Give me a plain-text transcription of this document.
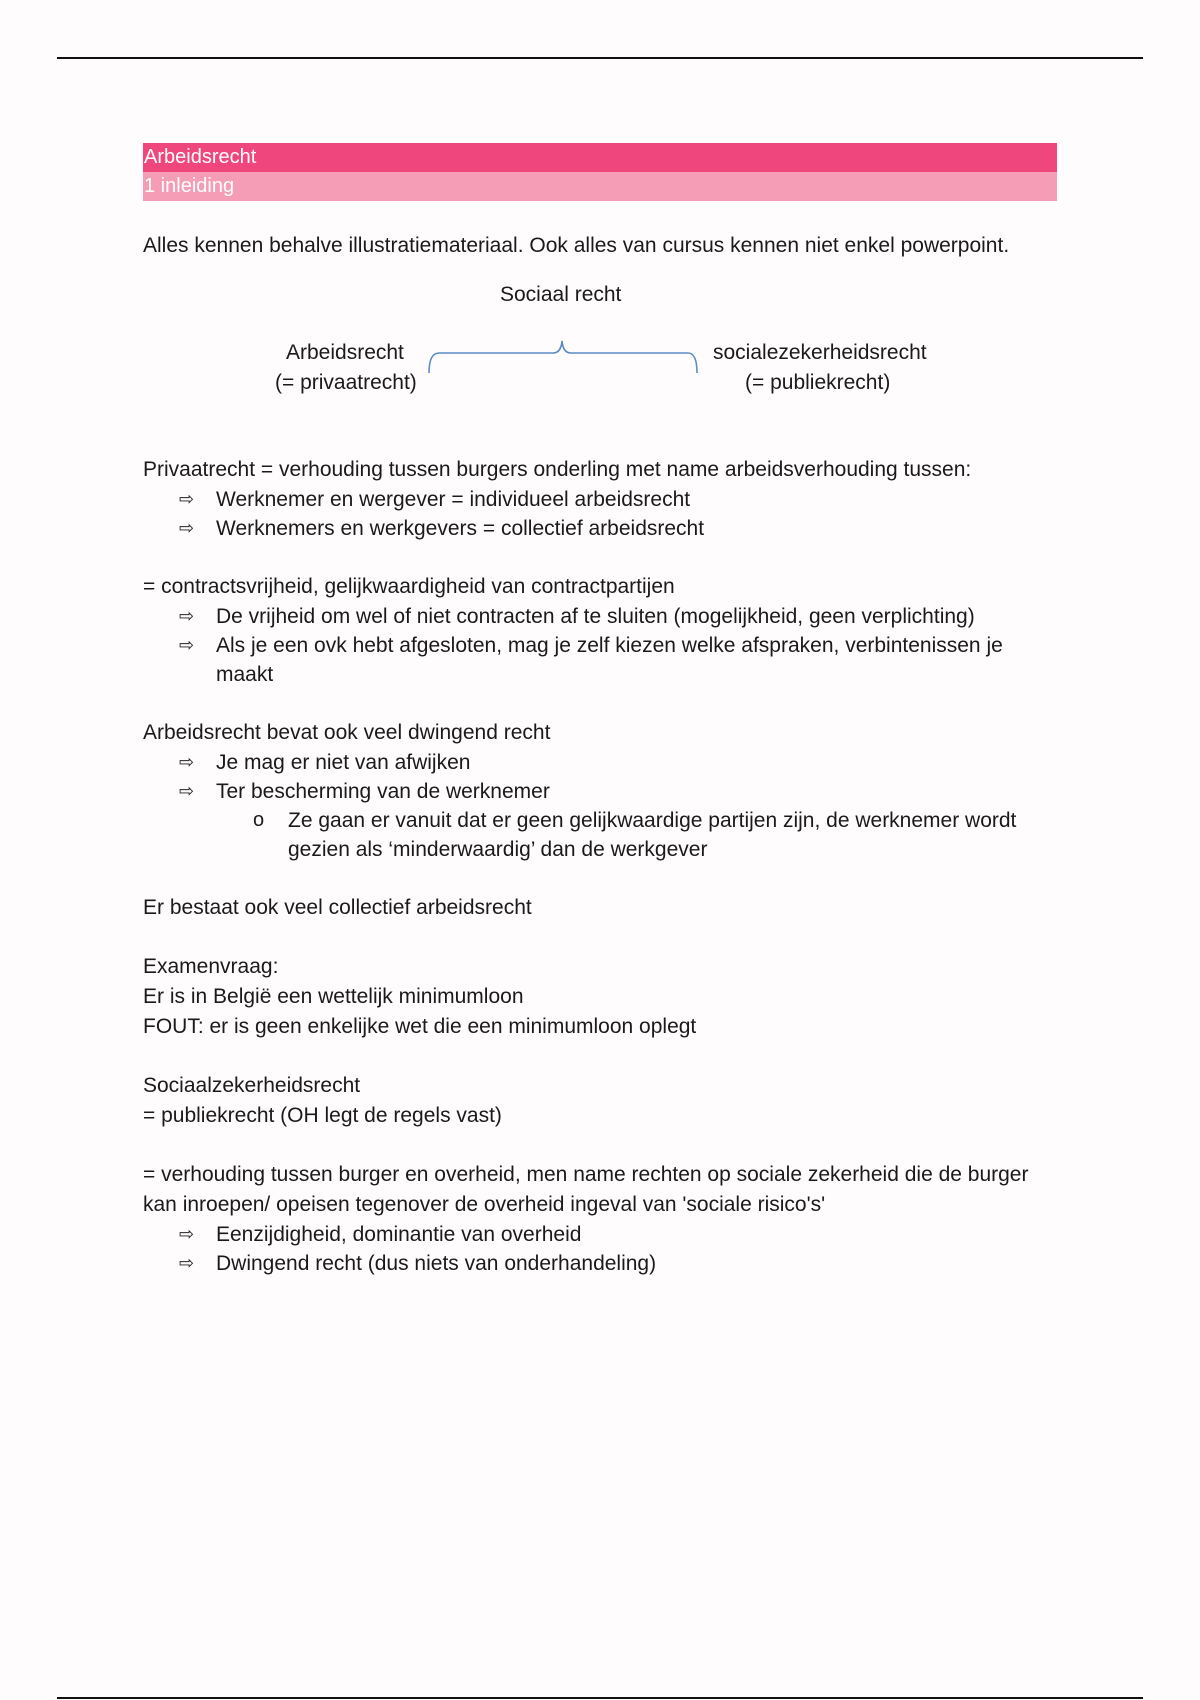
Arbeidsrecht
1 inleiding

Alles kennen behalve illustratiemateriaal. Ook alles van cursus kennen niet enkel powerpoint.

Sociaal recht
Arbeidsrecht
(= privaatrecht)
socialezekerheidsrecht
(= publiekrecht)

Privaatrecht = verhouding tussen burgers onderling met name arbeidsverhouding tussen:

⇨ Werknemer en wergever = individueel arbeidsrecht
⇨ Werknemers en werkgevers = collectief arbeidsrecht

= contractsvrijheid, gelijkwaardigheid van contractpartijen

⇨ De vrijheid om wel of niet contracten af te sluiten (mogelijkheid, geen verplichting)
⇨ Als je een ovk hebt afgesloten, mag je zelf kiezen welke afspraken, verbintenissen je maakt

Arbeidsrecht bevat ook veel dwingend recht

⇨ Je mag er niet van afwijken
⇨ Ter bescherming van de werknemer
o Ze gaan er vanuit dat er geen gelijkwaardige partijen zijn, de werknemer wordt gezien als ‘minderwaardig’ dan de werkgever

Er bestaat ook veel collectief arbeidsrecht

Examenvraag:

Er is in België een wettelijk minimumloon

FOUT: er is geen enkelijke wet die een minimumloon oplegt

Sociaalzekerheidsrecht

= publiekrecht (OH legt de regels vast)

= verhouding tussen burger en overheid, men name rechten op sociale zekerheid die de burger kan inroepen/ opeisen tegenover de overheid ingeval van 'sociale risico's'

⇨ Eenzijdigheid, dominantie van overheid
⇨ Dwingend recht (dus niets van onderhandeling)
